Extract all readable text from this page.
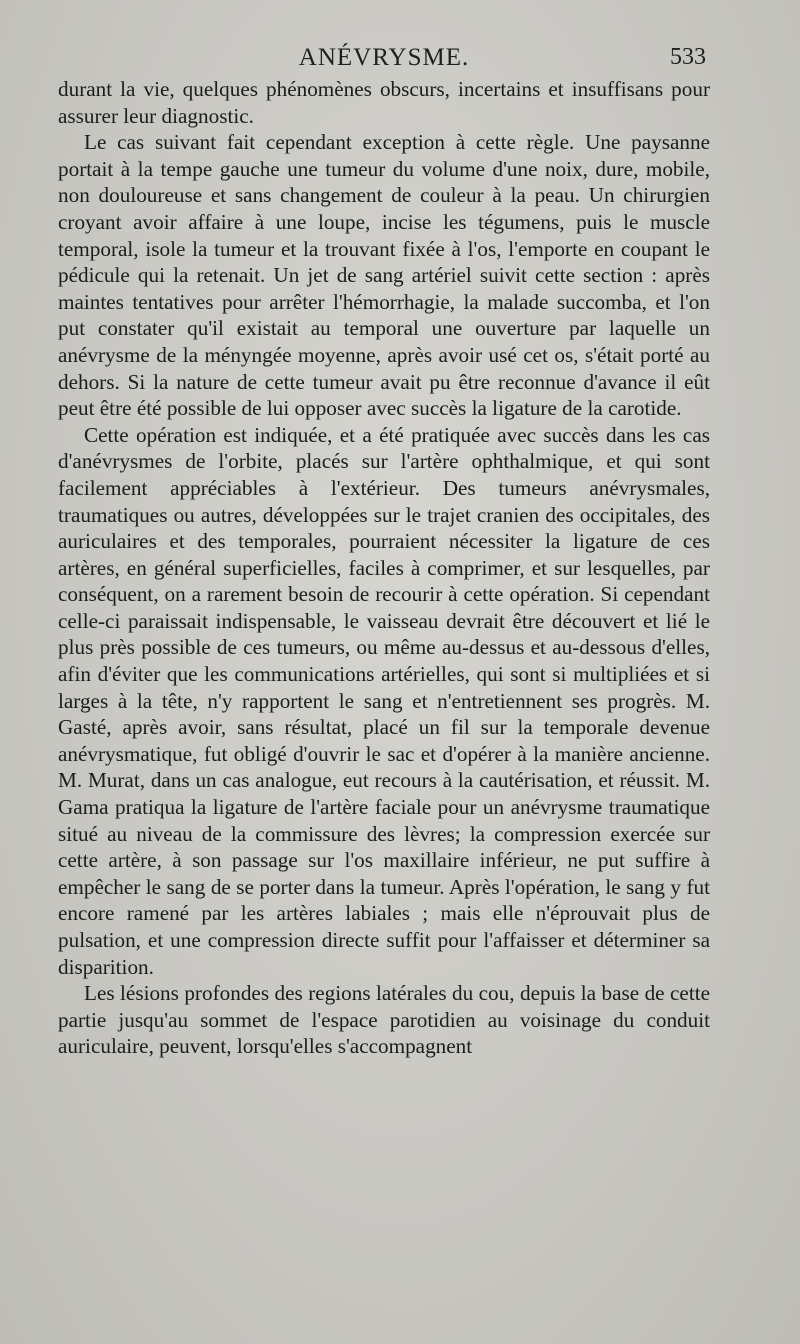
ANÉVRYSME.	533

durant la vie, quelques phénomènes obscurs, incertains et insuffisans pour assurer leur diagnostic.

Le cas suivant fait cependant exception à cette règle. Une paysanne portait à la tempe gauche une tumeur du volume d'une noix, dure, mobile, non douloureuse et sans changement de couleur à la peau. Un chirurgien croyant avoir affaire à une loupe, incise les tégumens, puis le muscle temporal, isole la tumeur et la trouvant fixée à l'os, l'emporte en coupant le pédicule qui la retenait. Un jet de sang artériel suivit cette section : après maintes tentatives pour arrêter l'hémorrhagie, la malade succomba, et l'on put constater qu'il existait au temporal une ouverture par laquelle un anévrysme de la ményngée moyenne, après avoir usé cet os, s'était porté au dehors. Si la nature de cette tumeur avait pu être reconnue d'avance il eût peut être été possible de lui opposer avec succès la ligature de la carotide.

Cette opération est indiquée, et a été pratiquée avec succès dans les cas d'anévrysmes de l'orbite, placés sur l'artère ophthalmique, et qui sont facilement appréciables à l'extérieur. Des tumeurs anévrysmales, traumatiques ou autres, développées sur le trajet cranien des occipitales, des auriculaires et des temporales, pourraient nécessiter la ligature de ces artères, en général superficielles, faciles à comprimer, et sur lesquelles, par conséquent, on a rarement besoin de recourir à cette opération. Si cependant celle-ci paraissait indispensable, le vaisseau devrait être découvert et lié le plus près possible de ces tumeurs, ou même au-dessus et au-dessous d'elles, afin d'éviter que les communications artérielles, qui sont si multipliées et si larges à la tête, n'y rapportent le sang et n'entretiennent ses progrès. M. Gasté, après avoir, sans résultat, placé un fil sur la temporale devenue anévrysmatique, fut obligé d'ouvrir le sac et d'opérer à la manière ancienne. M. Murat, dans un cas analogue, eut recours à la cautérisation, et réussit. M. Gama pratiqua la ligature de l'artère faciale pour un anévrysme traumatique situé au niveau de la commissure des lèvres; la compression exercée sur cette artère, à son passage sur l'os maxillaire inférieur, ne put suffire à empêcher le sang de se porter dans la tumeur. Après l'opération, le sang y fut encore ramené par les artères labiales ; mais elle n'éprouvait plus de pulsation, et une compression directe suffit pour l'affaisser et déterminer sa disparition.

Les lésions profondes des regions latérales du cou, depuis la base de cette partie jusqu'au sommet de l'espace parotidien au voisinage du conduit auriculaire, peuvent, lorsqu'elles s'accompagnent
